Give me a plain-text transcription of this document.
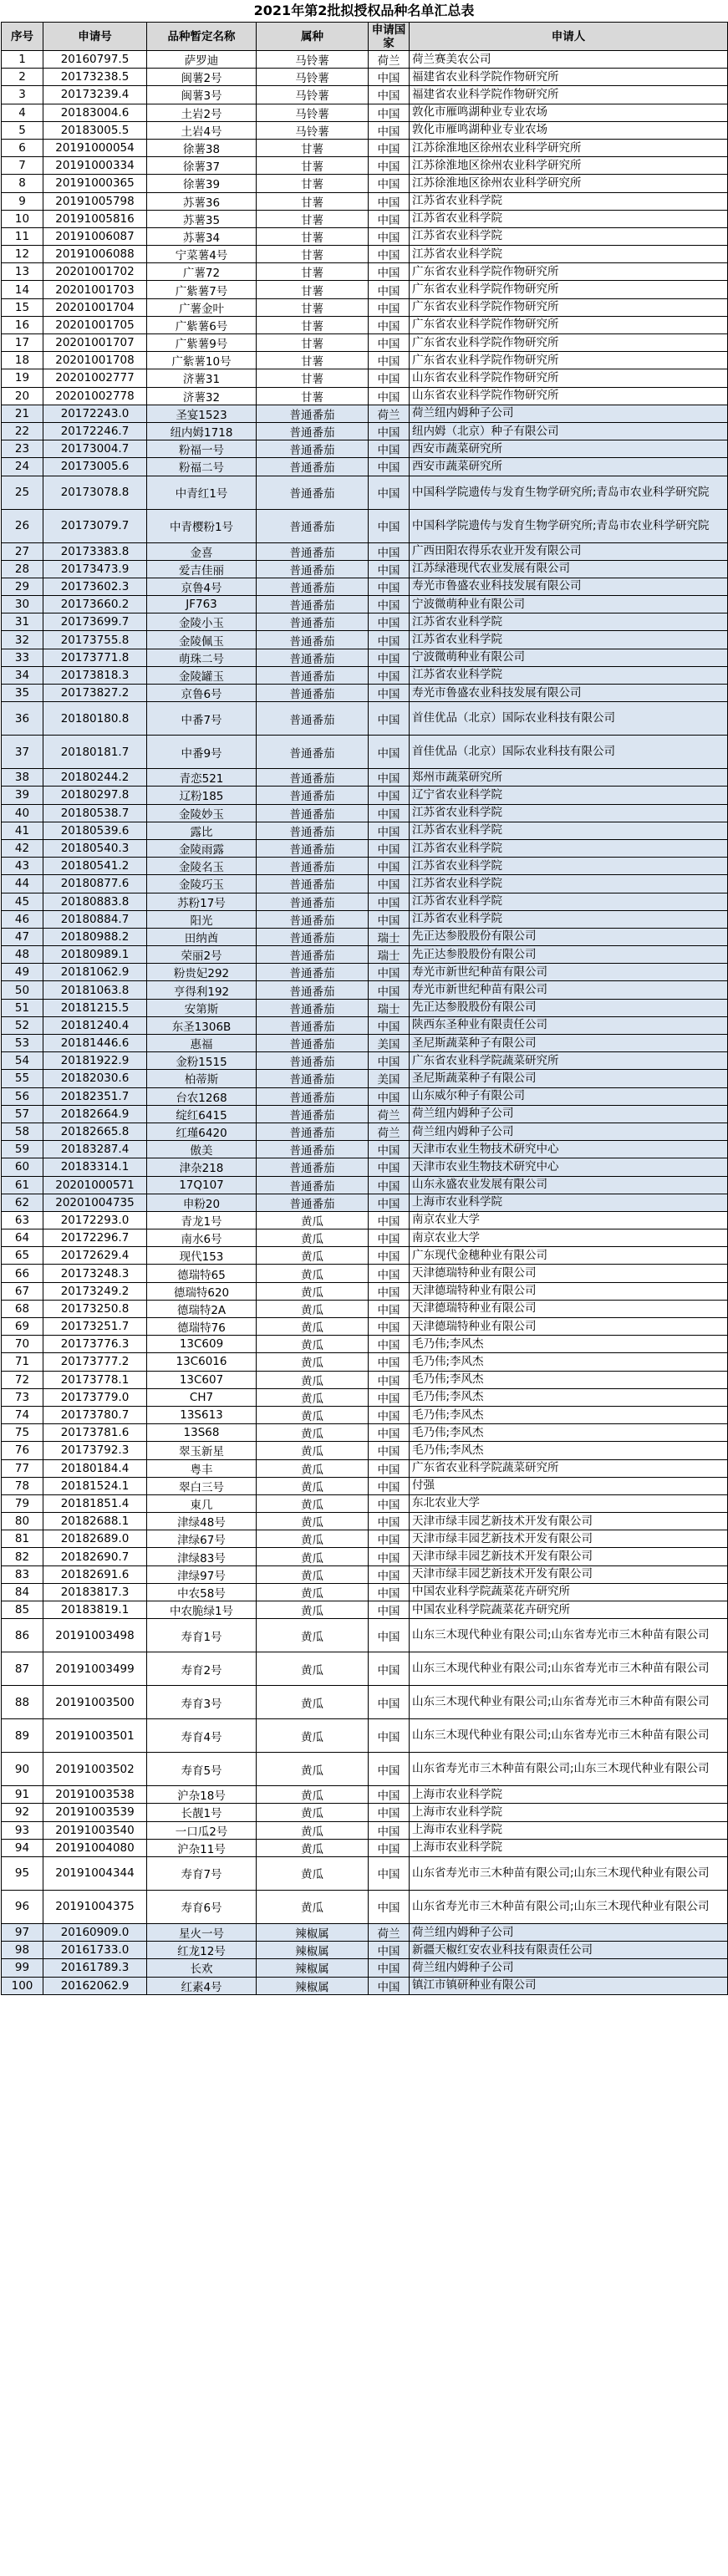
2021年第2批拟授权品种名单汇总表
序号	申请号	品种暂定名称	属种	申请国家	申请人
1	20160797.5	萨罗迪	马铃薯	荷兰	荷兰赛美农公司
2	20173238.5	闽薯2号	马铃薯	中国	福建省农业科学院作物研究所
3	20173239.4	闽薯3号	马铃薯	中国	福建省农业科学院作物研究所
4	20183004.6	土岩2号	马铃薯	中国	敦化市雁鸣湖种业专业农场
5	20183005.5	土岩4号	马铃薯	中国	敦化市雁鸣湖种业专业农场
6	20191000054	徐薯38	甘薯	中国	江苏徐淮地区徐州农业科学研究所
7	20191000334	徐薯37	甘薯	中国	江苏徐淮地区徐州农业科学研究所
8	20191000365	徐薯39	甘薯	中国	江苏徐淮地区徐州农业科学研究所
9	20191005798	苏薯36	甘薯	中国	江苏省农业科学院
10	20191005816	苏薯35	甘薯	中国	江苏省农业科学院
11	20191006087	苏薯34	甘薯	中国	江苏省农业科学院
12	20191006088	宁菜薯4号	甘薯	中国	江苏省农业科学院
13	20201001702	广薯72	甘薯	中国	广东省农业科学院作物研究所
14	20201001703	广紫薯7号	甘薯	中国	广东省农业科学院作物研究所
15	20201001704	广薯金叶	甘薯	中国	广东省农业科学院作物研究所
16	20201001705	广紫薯6号	甘薯	中国	广东省农业科学院作物研究所
17	20201001707	广紫薯9号	甘薯	中国	广东省农业科学院作物研究所
18	20201001708	广紫薯10号	甘薯	中国	广东省农业科学院作物研究所
19	20201002777	济薯31	甘薯	中国	山东省农业科学院作物研究所
20	20201002778	济薯32	甘薯	中国	山东省农业科学院作物研究所
21	20172243.0	圣宴1523	普通番茄	荷兰	荷兰纽内姆种子公司
22	20172246.7	纽内姆1718	普通番茄	中国	纽内姆（北京）种子有限公司
23	20173004.7	粉福一号	普通番茄	中国	西安市蔬菜研究所
24	20173005.6	粉福二号	普通番茄	中国	西安市蔬菜研究所
25	20173078.8	中青红1号	普通番茄	中国	中国科学院遗传与发育生物学研究所;青岛市农业科学研究院
26	20173079.7	中青樱粉1号	普通番茄	中国	中国科学院遗传与发育生物学研究所;青岛市农业科学研究院
27	20173383.8	金喜	普通番茄	中国	广西田阳农得乐农业开发有限公司
28	20173473.9	爱吉佳丽	普通番茄	中国	江苏绿港现代农业发展有限公司
29	20173602.3	京鲁4号	普通番茄	中国	寿光市鲁盛农业科技发展有限公司
30	20173660.2	JF763	普通番茄	中国	宁波微萌种业有限公司
31	20173699.7	金陵小玉	普通番茄	中国	江苏省农业科学院
32	20173755.8	金陵佩玉	普通番茄	中国	江苏省农业科学院
33	20173771.8	萌珠二号	普通番茄	中国	宁波微萌种业有限公司
34	20173818.3	金陵罐玉	普通番茄	中国	江苏省农业科学院
35	20173827.2	京鲁6号	普通番茄	中国	寿光市鲁盛农业科技发展有限公司
36	20180180.8	中番7号	普通番茄	中国	首佳优品（北京）国际农业科技有限公司
37	20180181.7	中番9号	普通番茄	中国	首佳优品（北京）国际农业科技有限公司
38	20180244.2	青恋521	普通番茄	中国	郑州市蔬菜研究所
39	20180297.8	辽粉185	普通番茄	中国	辽宁省农业科学院
40	20180538.7	金陵妙玉	普通番茄	中国	江苏省农业科学院
41	20180539.6	露比	普通番茄	中国	江苏省农业科学院
42	20180540.3	金陵雨露	普通番茄	中国	江苏省农业科学院
43	20180541.2	金陵名玉	普通番茄	中国	江苏省农业科学院
44	20180877.6	金陵巧玉	普通番茄	中国	江苏省农业科学院
45	20180883.8	苏粉17号	普通番茄	中国	江苏省农业科学院
46	20180884.7	阳光	普通番茄	中国	江苏省农业科学院
47	20180988.2	田纳酋	普通番茄	瑞士	先正达参股股份有限公司
48	20180989.1	荣丽2号	普通番茄	瑞士	先正达参股股份有限公司
49	20181062.9	粉贵妃292	普通番茄	中国	寿光市新世纪种苗有限公司
50	20181063.8	亨得利192	普通番茄	中国	寿光市新世纪种苗有限公司
51	20181215.5	安第斯	普通番茄	瑞士	先正达参股股份有限公司
52	20181240.4	东圣1306B	普通番茄	中国	陕西东圣种业有限责任公司
53	20181446.6	惠福	普通番茄	美国	圣尼斯蔬菜种子有限公司
54	20181922.9	金粉1515	普通番茄	中国	广东省农业科学院蔬菜研究所
55	20182030.6	柏蒂斯	普通番茄	美国	圣尼斯蔬菜种子有限公司
56	20182351.7	台农1268	普通番茄	中国	山东威尔种子有限公司
57	20182664.9	绽红6415	普通番茄	荷兰	荷兰纽内姆种子公司
58	20182665.8	红瑾6420	普通番茄	荷兰	荷兰纽内姆种子公司
59	20183287.4	傲美	普通番茄	中国	天津市农业生物技术研究中心
60	20183314.1	津杂218	普通番茄	中国	天津市农业生物技术研究中心
61	20201000571	17Q107	普通番茄	中国	山东永盛农业发展有限公司
62	20201004735	申粉20	普通番茄	中国	上海市农业科学院
63	20172293.0	青龙1号	黄瓜	中国	南京农业大学
64	20172296.7	南水6号	黄瓜	中国	南京农业大学
65	20172629.4	现代153	黄瓜	中国	广东现代金穗种业有限公司
66	20173248.3	德瑞特65	黄瓜	中国	天津德瑞特种业有限公司
67	20173249.2	德瑞特620	黄瓜	中国	天津德瑞特种业有限公司
68	20173250.8	德瑞特2A	黄瓜	中国	天津德瑞特种业有限公司
69	20173251.7	德瑞特76	黄瓜	中国	天津德瑞特种业有限公司
70	20173776.3	13C609	黄瓜	中国	毛乃伟;李风杰
71	20173777.2	13C6016	黄瓜	中国	毛乃伟;李风杰
72	20173778.1	13C607	黄瓜	中国	毛乃伟;李风杰
73	20173779.0	CH7	黄瓜	中国	毛乃伟;李风杰
74	20173780.7	13S613	黄瓜	中国	毛乃伟;李风杰
75	20173781.6	13S68	黄瓜	中国	毛乃伟;李风杰
76	20173792.3	翠玉新星	黄瓜	中国	毛乃伟;李风杰
77	20180184.4	粤丰	黄瓜	中国	广东省农业科学院蔬菜研究所
78	20181524.1	翠白三号	黄瓜	中国	付强
79	20181851.4	東几	黄瓜	中国	东北农业大学
80	20182688.1	津绿48号	黄瓜	中国	天津市绿丰园艺新技术开发有限公司
81	20182689.0	津绿67号	黄瓜	中国	天津市绿丰园艺新技术开发有限公司
82	20182690.7	津绿83号	黄瓜	中国	天津市绿丰园艺新技术开发有限公司
83	20182691.6	津绿97号	黄瓜	中国	天津市绿丰园艺新技术开发有限公司
84	20183817.3	中农58号	黄瓜	中国	中国农业科学院蔬菜花卉研究所
85	20183819.1	中农脆绿1号	黄瓜	中国	中国农业科学院蔬菜花卉研究所
86	20191003498	寿育1号	黄瓜	中国	山东三木现代种业有限公司;山东省寿光市三木种苗有限公司
87	20191003499	寿育2号	黄瓜	中国	山东三木现代种业有限公司;山东省寿光市三木种苗有限公司
88	20191003500	寿育3号	黄瓜	中国	山东三木现代种业有限公司;山东省寿光市三木种苗有限公司
89	20191003501	寿育4号	黄瓜	中国	山东三木现代种业有限公司;山东省寿光市三木种苗有限公司
90	20191003502	寿育5号	黄瓜	中国	山东省寿光市三木种苗有限公司;山东三木现代种业有限公司
91	20191003538	沪杂18号	黄瓜	中国	上海市农业科学院
92	20191003539	长靓1号	黄瓜	中国	上海市农业科学院
93	20191003540	一口瓜2号	黄瓜	中国	上海市农业科学院
94	20191004080	沪杂11号	黄瓜	中国	上海市农业科学院
95	20191004344	寿育7号	黄瓜	中国	山东省寿光市三木种苗有限公司;山东三木现代种业有限公司
96	20191004375	寿育6号	黄瓜	中国	山东省寿光市三木种苗有限公司;山东三木现代种业有限公司
97	20160909.0	星火一号	辣椒属	荷兰	荷兰纽内姆种子公司
98	20161733.0	红龙12号	辣椒属	中国	新疆天椒红安农业科技有限责任公司
99	20161789.3	长欢	辣椒属	中国	荷兰纽内姆种子公司
100	20162062.9	红素4号	辣椒属	中国	镇江市镇研种业有限公司
